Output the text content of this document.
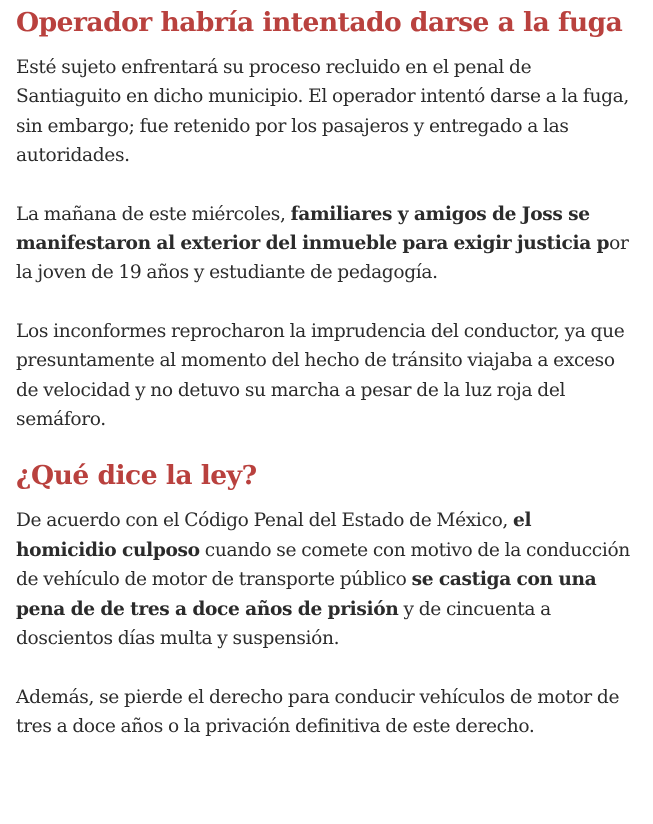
Operador habría intentado darse a la fuga

Esté sujeto enfrentará su proceso recluido en el penal de Santiaguito en dicho municipio. El operador intentó darse a la fuga, sin embargo; fue retenido por los pasajeros y entregado a las autoridades.

La mañana de este miércoles, familiares y amigos de Joss se manifestaron al exterior del inmueble para exigir justicia por la joven de 19 años y estudiante de pedagogía.

Los inconformes reprocharon la imprudencia del conductor, ya que presuntamente al momento del hecho de tránsito viajaba a exceso de velocidad y no detuvo su marcha a pesar de la luz roja del semáforo.

¿Qué dice la ley?

De acuerdo con el Código Penal del Estado de México, el homicidio culposo cuando se comete con motivo de la conducción de vehículo de motor de transporte público se castiga con una pena de de tres a doce años de prisión y de cincuenta a doscientos días multa y suspensión.

Además, se pierde el derecho para conducir vehículos de motor de tres a doce años o la privación definitiva de este derecho.
